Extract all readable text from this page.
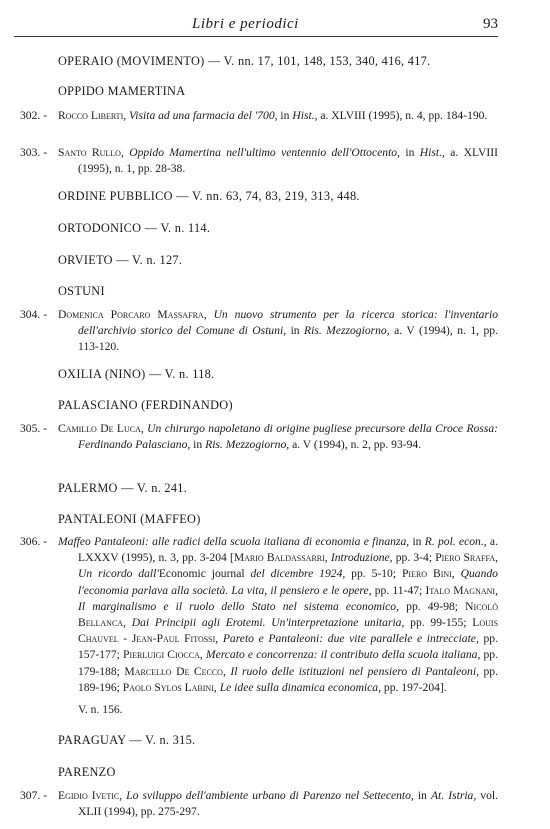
Libri e periodici	93
OPERAIO (MOVIMENTO) — V. nn. 17, 101, 148, 153, 340, 416, 417.
OPPIDO MAMERTINA
302. - Rocco Liberti, Visita ad una farmacia del '700, in Hist., a. XLVIII (1995), n. 4, pp. 184-190.
303. - Santo Rullo, Oppido Mamertina nell'ultimo ventennio dell'Ottocento, in Hist., a. XLVIII (1995), n. 1, pp. 28-38.
ORDINE PUBBLICO — V. nn. 63, 74, 83, 219, 313, 448.
ORTODONICO — V. n. 114.
ORVIETO — V. n. 127.
OSTUNI
304. - Domenica Porcaro Massafra, Un nuovo strumento per la ricerca storica: l'inventario dell'archivio storico del Comune di Ostuni, in Ris. Mezzogiorno, a. V (1994), n. 1, pp. 113-120.
OXILIA (NINO) — V. n. 118.
PALASCIANO (FERDINANDO)
305. - Camillo De Luca, Un chirurgo napoletano di origine pugliese precursore della Croce Rossa: Ferdinando Palasciano, in Ris. Mezzogiorno, a. V (1994), n. 2, pp. 93-94.
PALERMO — V. n. 241.
PANTALEONI (MAFFEO)
306. - Maffeo Pantaleoni: alle radici della scuola italiana di economia e finanza, in R. pol. econ., a. LXXXV (1995), n. 3, pp. 3-204 [Mario Baldassarri, Introduzione, pp. 3-4; Piero Sraffa, Un ricordo dall'Economic journal del dicembre 1924, pp. 5-10; Piero Bini, Quando l'economia parlava alla società. La vita, il pensiero e le opere, pp. 11-47; Italo Magnani, Il marginalismo e il ruolo dello Stato nel sistema economico, pp. 49-98; Nicolò Bellanca, Dai Principii agli Erotemi. Un'interpretazione unitaria, pp. 99-155; Louis Chauvel - Jean-Paul Fitossi, Pareto e Pantaleoni: due vite parallele e intrecciate, pp. 157-177; Pierluigi Ciocca, Mercato e concorrenza: il contributo della scuola italiana, pp. 179-188; Marcello De Cecco, Il ruolo delle istituzioni nel pensiero di Pantaleoni, pp. 189-196; Paolo Sylos Labini, Le idee sulla dinamica economica, pp. 197-204].
V. n. 156.
PARAGUAY — V. n. 315.
PARENZO
307. - Egidio Ivetic, Lo sviluppo dell'ambiente urbano di Parenzo nel Settecento, in At. Istria, vol. XLII (1994), pp. 275-297.
